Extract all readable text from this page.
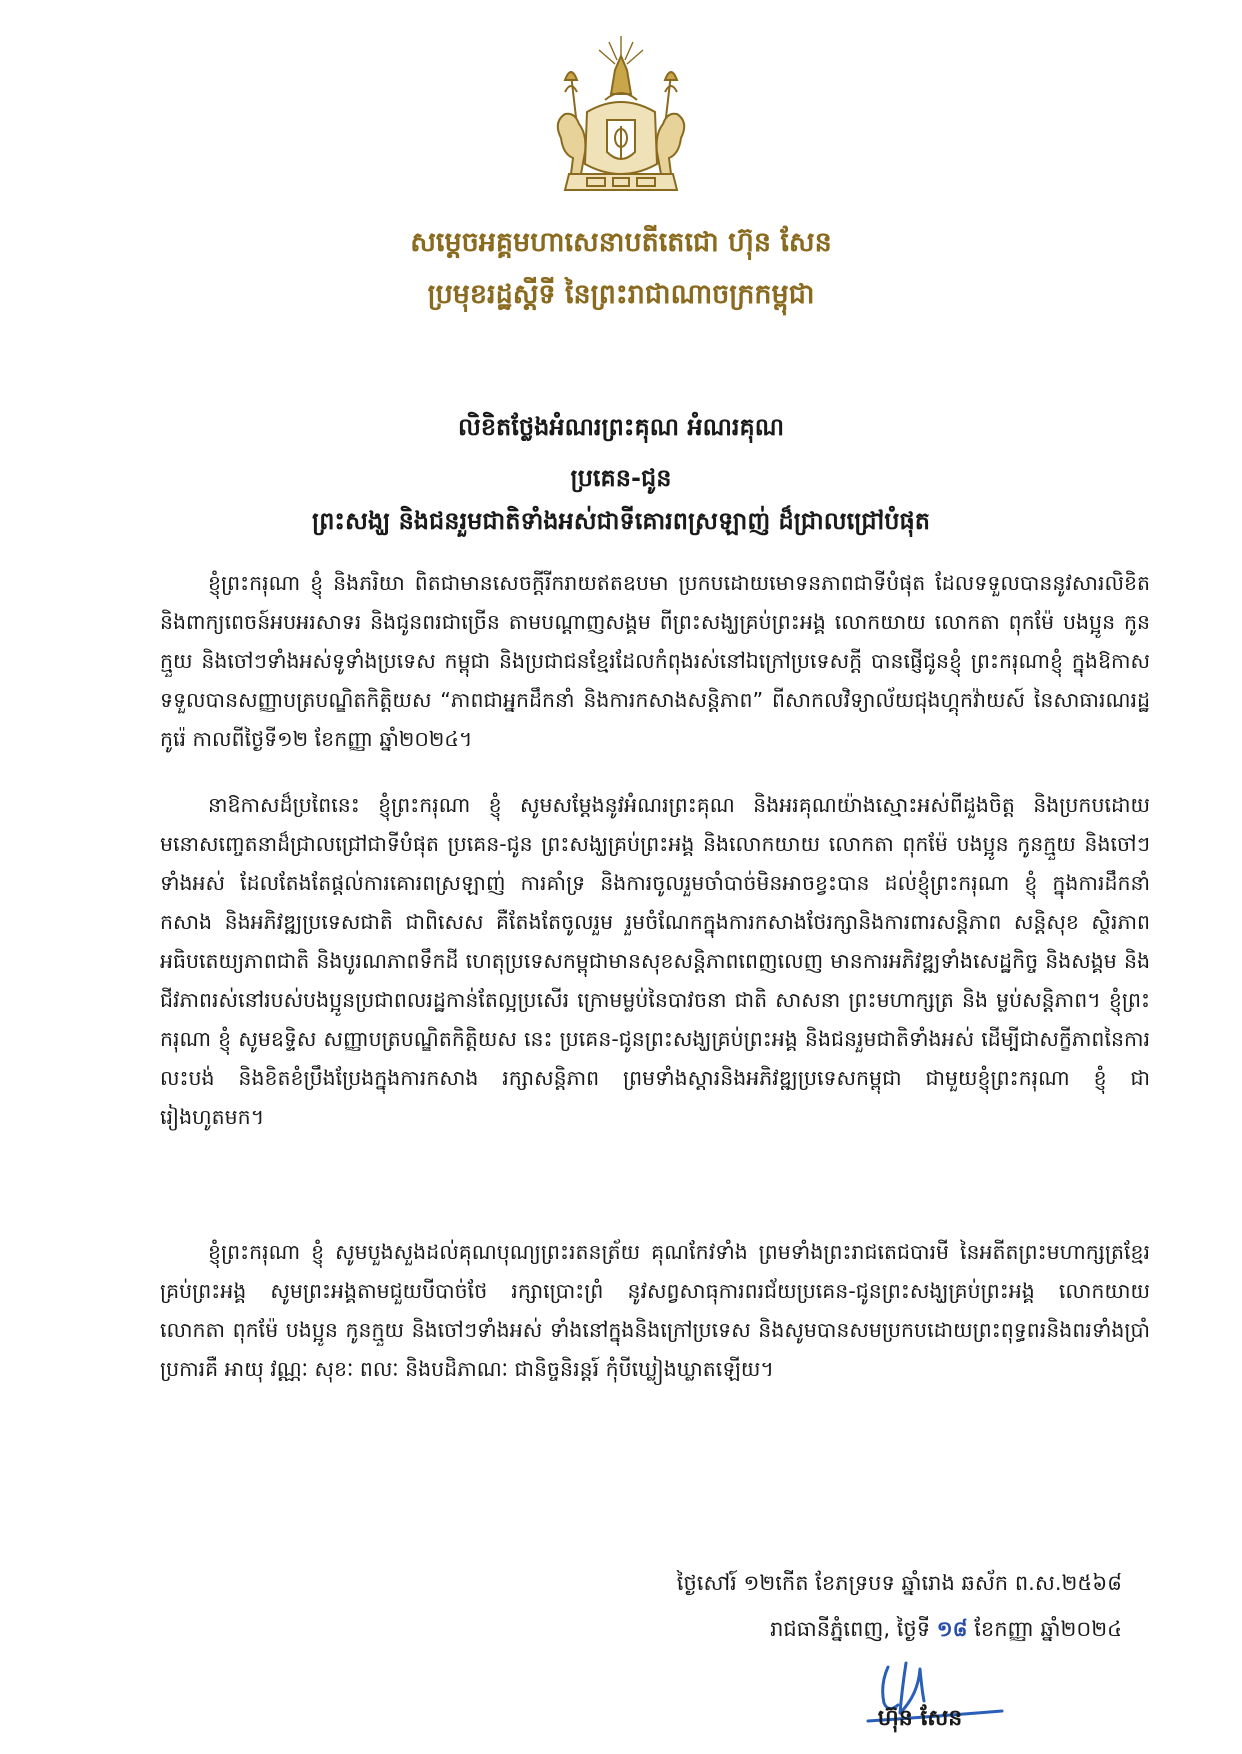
សម្តេចអគ្គមហាសេនាបតីតេជោ ហ៊ុន សែន
ប្រមុខរដ្ឋស្តីទី នៃព្រះរាជាណាចក្រកម្ពុជា
លិខិតថ្លែងអំណរព្រះគុណ អំណរគុណ
ប្រគេន-ជូន
ព្រះសង្ឃ និងជនរួមជាតិទាំងអស់ជាទីគោរពស្រឡាញ់ ដ៏ជ្រាលជ្រៅបំផុត

ខ្ញុំព្រះករុណា ខ្ញុំ និងភរិយា ពិតជាមានសេចក្តីរីករាយឥតឧបមា ប្រកបដោយមោទនភាពជាទីបំផុត ដែលទទួលបាននូវសារលិខិត និងពាក្យពេចន៍អបអរសាទរ និងជូនពរជាច្រើន តាមបណ្តាញសង្គម ពីព្រះសង្ឃគ្រប់ព្រះអង្គ លោកយាយ លោកតា ពុកម៉ែ បងប្អូន កូនក្មួយ និងចៅៗទាំងអស់ទូទាំងប្រទេស កម្ពុជា និងប្រជាជនខ្មែរដែលកំពុងរស់នៅឯក្រៅប្រទេសក្តី បានផ្ញើជូនខ្ញុំ ព្រះករុណាខ្ញុំ ក្នុងឱកាសទទួលបានសញ្ញាបត្របណ្ឌិតកិត្តិយស “ភាពជាអ្នកដឹកនាំ និងការកសាងសន្តិភាព” ពីសាកលវិទ្យាល័យជុងហ្គុកវ៉ាយស៍ នៃសាធារណរដ្ឋកូរ៉េ កាលពីថ្ងៃទី១២ ខែកញ្ញា ឆ្នាំ២០២៤។

នាឱកាសដ៏ប្រពៃនេះ ខ្ញុំព្រះករុណា ខ្ញុំ សូមសម្តែងនូវអំណរព្រះគុណ និងអរគុណយ៉ាងស្មោះអស់ពីដួងចិត្ត និងប្រកបដោយមនោសញ្ចេតនាដ៏ជ្រាលជ្រៅជាទីបំផុត ប្រគេន-ជូន ព្រះសង្ឃគ្រប់ព្រះអង្គ និងលោកយាយ លោកតា ពុកម៉ែ បងប្អូន កូនក្មួយ និងចៅៗទាំងអស់ ដែលតែងតែផ្តល់ការគោរពស្រឡាញ់ ការគាំទ្រ និងការចូលរួមចាំបាច់មិនអាចខ្វះបាន ដល់ខ្ញុំព្រះករុណា ខ្ញុំ ក្នុងការដឹកនាំ កសាង និងអភិវឌ្ឍប្រទេសជាតិ ជាពិសេស គឺតែងតែចូលរួម រួមចំណែកក្នុងការកសាងថែរក្សានិងការពារសន្តិភាព សន្តិសុខ ស្ថិរភាព អធិបតេយ្យភាពជាតិ និងបូរណភាពទឹកដី ហេតុប្រទេសកម្ពុជាមានសុខសន្តិភាពពេញលេញ មានការអភិវឌ្ឍទាំងសេដ្ឋកិច្ច និងសង្គម និងជីវភាពរស់នៅរបស់បងប្អូនប្រជាពលរដ្ឋកាន់តែល្អប្រសើរ ក្រោមម្លប់នៃបាវចនា ជាតិ សាសនា ព្រះមហាក្សត្រ និង ម្លប់សន្តិភាព។ ខ្ញុំព្រះករុណា ខ្ញុំ សូមឧទ្ទិស សញ្ញាបត្របណ្ឌិតកិត្តិយស នេះ ប្រគេន-ជូនព្រះសង្ឃគ្រប់ព្រះអង្គ និងជនរួមជាតិទាំងអស់ ដើម្បីជាសក្ខីភាពនៃការលះបង់ និងខិតខំប្រឹងប្រែងក្នុងការកសាង រក្សាសន្តិភាព ព្រមទាំងស្តារនិងអភិវឌ្ឍប្រទេសកម្ពុជា ជាមួយខ្ញុំព្រះករុណា ខ្ញុំ ជារៀងហូតមក។

ខ្ញុំព្រះករុណា ខ្ញុំ សូមបួងសួងដល់គុណបុណ្យព្រះរតនត្រ័យ គុណកែវទាំង ព្រមទាំងព្រះរាជតេជបារមី នៃអតីតព្រះមហាក្សត្រខ្មែរគ្រប់ព្រះអង្គ សូមព្រះអង្គតាមជួយបីបាច់ថែ រក្សាប្រោះព្រំ នូវសព្វសាធុការពរជ័យប្រគេន-ជូនព្រះសង្ឃគ្រប់ព្រះអង្គ លោកយាយ លោកតា ពុកម៉ែ បងប្អូន កូនក្មួយ និងចៅៗទាំងអស់ ទាំងនៅក្នុងនិងក្រៅប្រទេស និងសូមបានសមប្រកបដោយព្រះពុទ្ធពរនិងពរទាំងប្រាំ ប្រការគឺ អាយុ វណ្ណៈ សុខៈ ពលៈ និងបដិភាណៈ ជានិច្ចនិរន្តរ៍ កុំបីឃ្លៀងឃ្លាតឡើយ។

ថ្ងៃសៅរ៍ ១២កើត ខែភទ្របទ ឆ្នាំរោង ឆស័ក ព.ស.២៥៦៨
រាជធានីភ្នំពេញ, ថ្ងៃទី ១៨ ខែកញ្ញា ឆ្នាំ២០២៤
ហ៊ុន សែន
